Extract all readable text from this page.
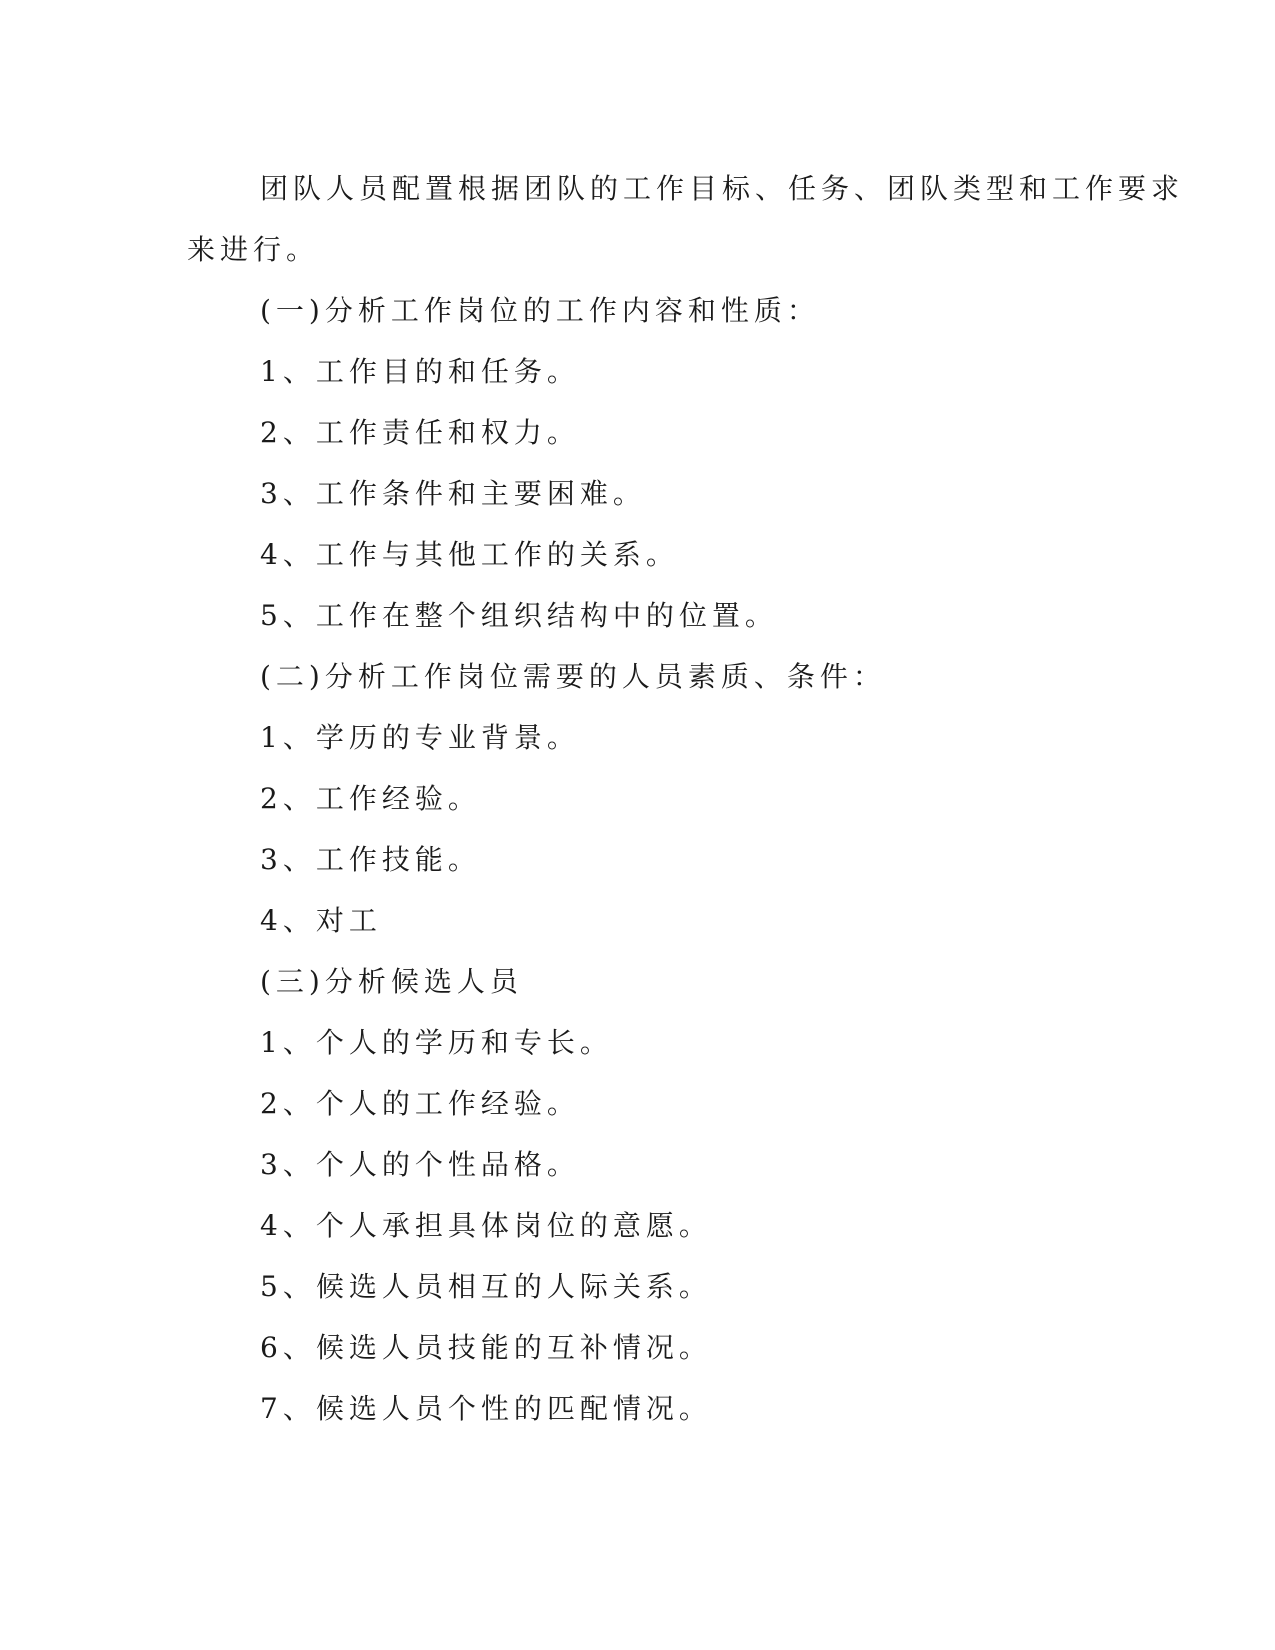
团队人员配置根据团队的工作目标、任务、团队类型和工作要求
来进行。
(一)分析工作岗位的工作内容和性质：
1、工作目的和任务。
2、工作责任和权力。
3、工作条件和主要困难。
4、工作与其他工作的关系。
5、工作在整个组织结构中的位置。
(二)分析工作岗位需要的人员素质、条件：
1、学历的专业背景。
2、工作经验。
3、工作技能。
4、对工
(三)分析候选人员
1、个人的学历和专长。
2、个人的工作经验。
3、个人的个性品格。
4、个人承担具体岗位的意愿。
5、候选人员相互的人际关系。
6、候选人员技能的互补情况。
7、候选人员个性的匹配情况。
